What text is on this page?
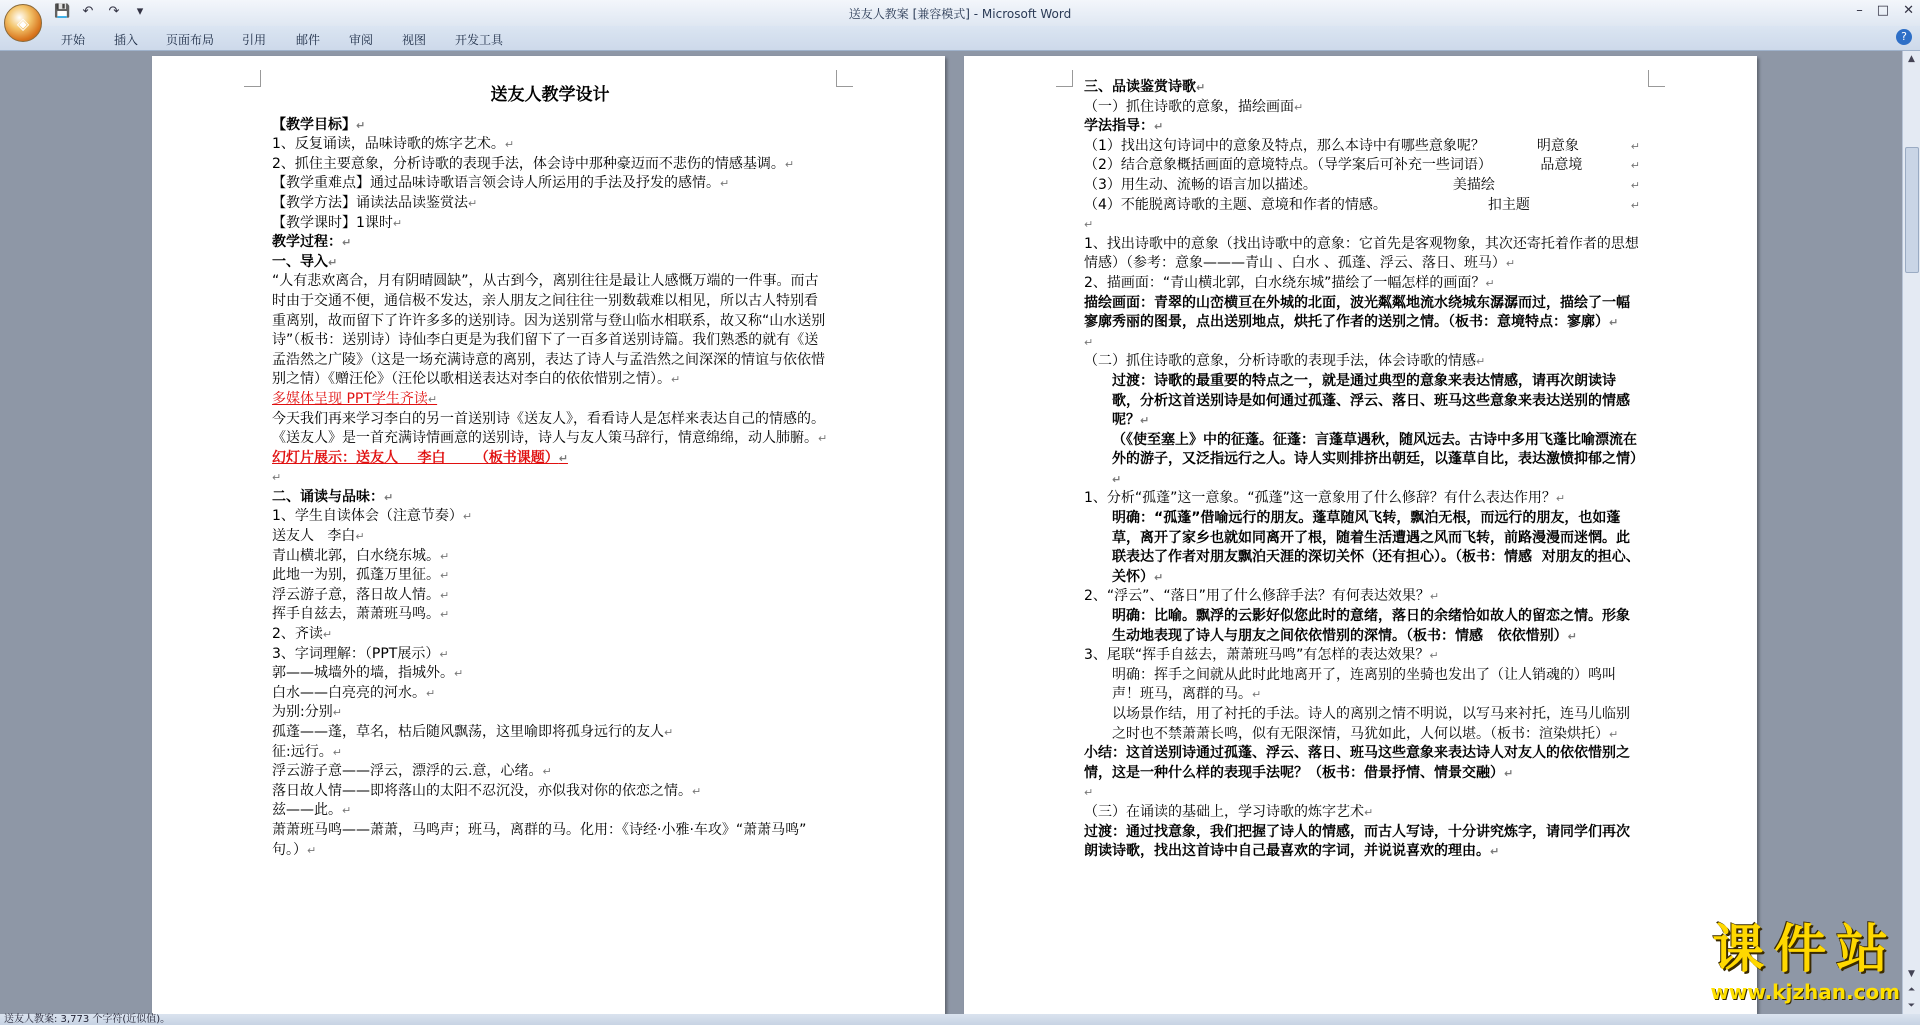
💾 ↶ ↷	▾	送友人教案 [兼容模式] - Microsoft Word	– □ ✕
◈
开始 插入 页面布局 引用 邮件 审阅 视图 开发工具	?

送友人教学设计

【教学目标】↵

1、反复诵读，品味诗歌的炼字艺术。↵

2、抓住主要意象，分析诗歌的表现手法，体会诗中那种豪迈而不悲伤的情感基调。↵

【教学重难点】通过品味诗歌语言领会诗人所运用的手法及抒发的感情。↵

【教学方法】诵读法品读鉴赏法↵

【教学课时】1课时↵

教学过程：↵

一、导入↵

“人有悲欢离合，月有阴晴圆缺”，从古到今，离别往往是最让人感慨万端的一件事。而古时由于交通不便，通信极不发达，亲人朋友之间往往一别数载难以相见，所以古人特别看重离别，故而留下了许许多多的送别诗。因为送别常与登山临水相联系，故又称“山水送别诗”（板书：送别诗）诗仙李白更是为我们留下了一百多首送别诗篇。我们熟悉的就有《送孟浩然之广陵》（这是一场充满诗意的离别，表达了诗人与孟浩然之间深深的情谊与依依惜别之情）《赠汪伦》（汪伦以歌相送表达对李白的依依惜别之情）。↵

多媒体呈现 PPT学生齐读↵

今天我们再来学习李白的另一首送别诗《送友人》，看看诗人是怎样来表达自己的情感的。《送友人》是一首充满诗情画意的送别诗，诗人与友人策马辞行，情意绵绵，动人肺腑。↵

幻灯片展示：送友人    李白      （板书课题）↵

↵

二、诵读与品味：↵

1、学生自读体会（注意节奏）↵

送友人   李白↵

青山横北郭，白水绕东城。↵

此地一为别，孤蓬万里征。↵

浮云游子意，落日故人情。↵

挥手自兹去，萧萧班马鸣。↵

2、齐读↵

3、字词理解：（PPT展示）↵

郭——城墙外的墙，指城外。↵

白水——白亮亮的河水。↵

为别:分别↵

孤蓬——蓬，草名，枯后随风飘荡，这里喻即将孤身远行的友人↵

征:远行。↵

浮云游子意——浮云，漂浮的云.意，心绪。↵

落日故人情——即将落山的太阳不忍沉没，亦似我对你的依恋之情。↵

兹——此。↵

萧萧班马鸣——萧萧，马鸣声；班马，离群的马。化用：《诗经·小雅·车攻》“萧萧马鸣”  句。）↵

三、品读鉴赏诗歌↵

（一）抓住诗歌的意象，描绘画面↵

学法指导：↵

（1）找出这句诗词中的意象及特点，那么本诗中有哪些意象呢？	明意象	↵

（2）结合意象概括画面的意境特点。（导学案后可补充一些词语）	品意境	↵

（3）用生动、流畅的语言加以描述。	美描绘	↵

（4）不能脱离诗歌的主题、意境和作者的情感。	扣主题	↵

↵

1、找出诗歌中的意象（找出诗歌中的意象：它首先是客观物象，其次还寄托着作者的思想情感）（参考：意象———青山 、白水 、孤蓬、浮云、落日、班马）↵

2、描画面：“青山横北郭，白水绕东城”描绘了一幅怎样的画面？↵

描绘画面：青翠的山峦横亘在外城的北面，波光粼粼地流水绕城东潺潺而过，描绘了一幅寥廓秀丽的图景，点出送别地点，烘托了作者的送别之情。（板书：意境特点：寥廓）↵

↵

（二）抓住诗歌的意象，分析诗歌的表现手法，体会诗歌的情感↵

过渡：诗歌的最重要的特点之一，就是通过典型的意象来表达情感，请再次朗读诗歌，分析这首送别诗是如何通过孤蓬、浮云、落日、班马这些意象来表达送别的情感呢？↵

（《使至塞上》中的征蓬。征蓬：言蓬草遇秋，随风远去。古诗中多用飞蓬比喻漂流在外的游子，又泛指远行之人。诗人实则排挤出朝廷，以蓬草自比，表达激愤抑郁之情）↵

1、分析“孤蓬”这一意象。“孤蓬”这一意象用了什么修辞？有什么表达作用？↵

明确：“孤蓬”借喻远行的朋友。蓬草随风飞转，飘泊无根，而远行的朋友，也如蓬草，离开了家乡也就如同离开了根，随着生活遭遇之风而飞转，前路漫漫而迷惘。此联表达了作者对朋友飘泊天涯的深切关怀（还有担心）。（板书：情感  对朋友的担心、关怀）↵

2、“浮云”、“落日”用了什么修辞手法？有何表达效果？↵

明确：比喻。飘浮的云影好似您此时的意绪，落日的余绪恰如故人的留恋之情。形象生动地表现了诗人与朋友之间依依惜别的深情。（板书：情感   依依惜别）↵

3、尾联“挥手自兹去，萧萧班马鸣”有怎样的表达效果？↵

明确：挥手之间就从此时此地离开了，连离别的坐骑也发出了（让人销魂的）鸣叫声！班马，离群的马。↵

以场景作结，用了衬托的手法。诗人的离别之情不明说，以写马来衬托，连马儿临别之时也不禁萧萧长鸣，似有无限深情，马犹如此，人何以堪。（板书：渲染烘托）↵

小结：这首送别诗通过孤蓬、浮云、落日、班马这些意象来表达诗人对友人的依依惜别之情，这是一种什么样的表现手法呢？（板书：借景抒情、情景交融）↵

↵

（三）在诵读的基础上，学习诗歌的炼字艺术↵

过渡：通过找意象，我们把握了诗人的情感，而古人写诗，十分讲究炼字，请同学们再次朗读诗歌，找出这首诗中自己最喜欢的字词，并说说喜欢的理由。↵

▲
▼
⏶
⏷
送友人教案: 3,773 个字符(近似值)。
课件站
www.kjzhan.com
